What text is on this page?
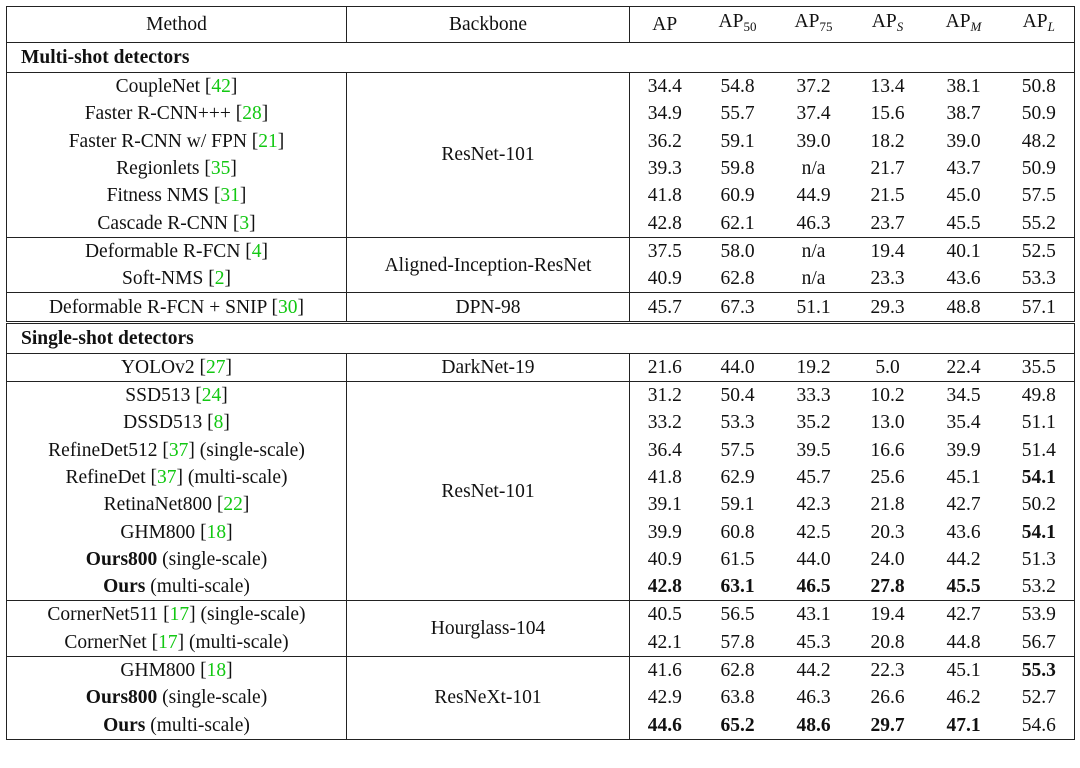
Method	Backbone	AP	$AP_{50}$	$AP_{75}$	$AP_S$	$AP_M$	$AP_L$
Multi-shot detectors							
CoupleNet [42]	ResNet-101	34.4	54.8	37.2	13.4	38.1	50.8
Faster R-CNN+++ [28]		34.9	55.7	37.4	15.6	38.7	50.9
Faster R-CNN w/ FPN [21]		36.2	59.1	39.0	18.2	39.0	48.2
Regionlets [35]		39.3	59.8	n/a	21.7	43.7	50.9
Fitness NMS [31]		41.8	60.9	44.9	21.5	45.0	57.5
Cascade R-CNN [3]		42.8	62.1	46.3	23.7	45.5	55.2
Deformable R-FCN [4]	Aligned-Inception-ResNet	37.5	58.0	n/a	19.4	40.1	52.5
Soft-NMS [2]		40.9	62.8	n/a	23.3	43.6	53.3
Deformable R-FCN + SNIP [30]	DPN-98	45.7	67.3	51.1	29.3	48.8	57.1
Single-shot detectors							
YOLOv2 [27]	DarkNet-19	21.6	44.0	19.2	5.0	22.4	35.5
SSD513 [24]	ResNet-101	31.2	50.4	33.3	10.2	34.5	49.8
DSSD513 [8]		33.2	53.3	35.2	13.0	35.4	51.1
RefineDet512 [37] (single-scale)		36.4	57.5	39.5	16.6	39.9	51.4
RefineDet [37] (multi-scale)		41.8	62.9	45.7	25.6	45.1	54.1
RetinaNet800 [22]		39.1	59.1	42.3	21.8	42.7	50.2
GHM800 [18]		39.9	60.8	42.5	20.3	43.6	54.1
Ours800 (single-scale)		40.9	61.5	44.0	24.0	44.2	51.3
Ours (multi-scale)		42.8	63.1	46.5	27.8	45.5	53.2
CornerNet511 [17] (single-scale)	Hourglass-104	40.5	56.5	43.1	19.4	42.7	53.9
CornerNet [17] (multi-scale)		42.1	57.8	45.3	20.8	44.8	56.7
GHM800 [18]	ResNeXt-101	41.6	62.8	44.2	22.3	45.1	55.3
Ours800 (single-scale)		42.9	63.8	46.3	26.6	46.2	52.7
Ours (multi-scale)		44.6	65.2	48.6	29.7	47.1	54.6
